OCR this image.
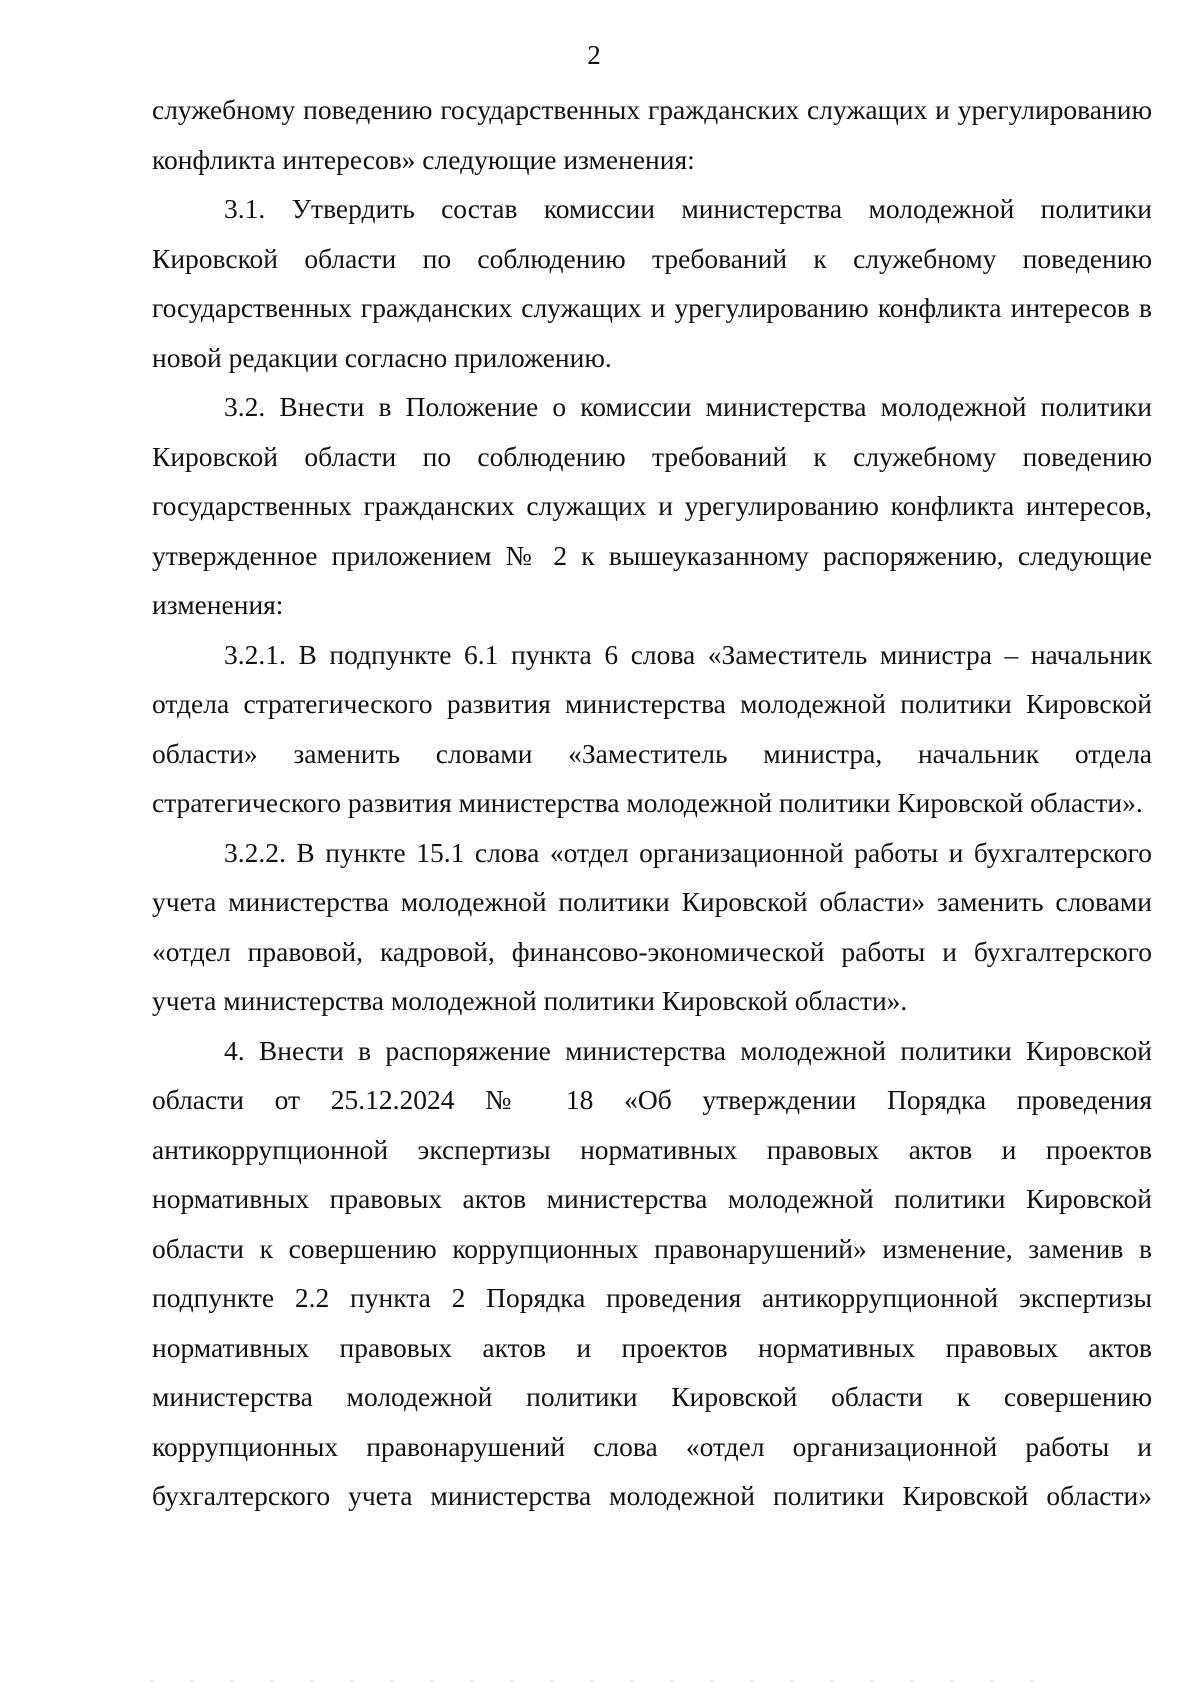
2

служебному поведению государственных гражданских служащих и урегулированию конфликта интересов» следующие изменения:

3.1. Утвердить состав комиссии министерства молодежной политики Кировской области по соблюдению требований к служебному поведению государственных гражданских служащих и урегулированию конфликта интересов в новой редакции согласно приложению.

3.2. Внести в Положение о комиссии министерства молодежной политики Кировской области по соблюдению требований к служебному поведению государственных гражданских служащих и урегулированию конфликта интересов, утвержденное приложением № 2 к вышеуказанному распоряжению, следующие изменения:

3.2.1. В подпункте 6.1 пункта 6 слова «Заместитель министра – начальник отдела стратегического развития министерства молодежной политики Кировской области» заменить словами «Заместитель министра, начальник отдела стратегического развития министерства молодежной политики Кировской области».

3.2.2. В пункте 15.1 слова «отдел организационной работы и бухгалтерского учета министерства молодежной политики Кировской области» заменить словами «отдел правовой, кадровой, финансово-экономической работы и бухгалтерского учета министерства молодежной политики Кировской области».

4. Внести в распоряжение министерства молодежной политики Кировской области от 25.12.2024 № 18 «Об утверждении Порядка проведения антикоррупционной экспертизы нормативных правовых актов и проектов нормативных правовых актов министерства молодежной политики Кировской области к совершению коррупционных правонарушений» изменение, заменив в подпункте 2.2 пункта 2 Порядка проведения антикоррупционной экспертизы нормативных правовых актов и проектов нормативных правовых актов министерства молодежной политики Кировской области к совершению коррупционных правонарушений слова «отдел организационной работы и бухгалтерского учета министерства молодежной политики Кировской области»
